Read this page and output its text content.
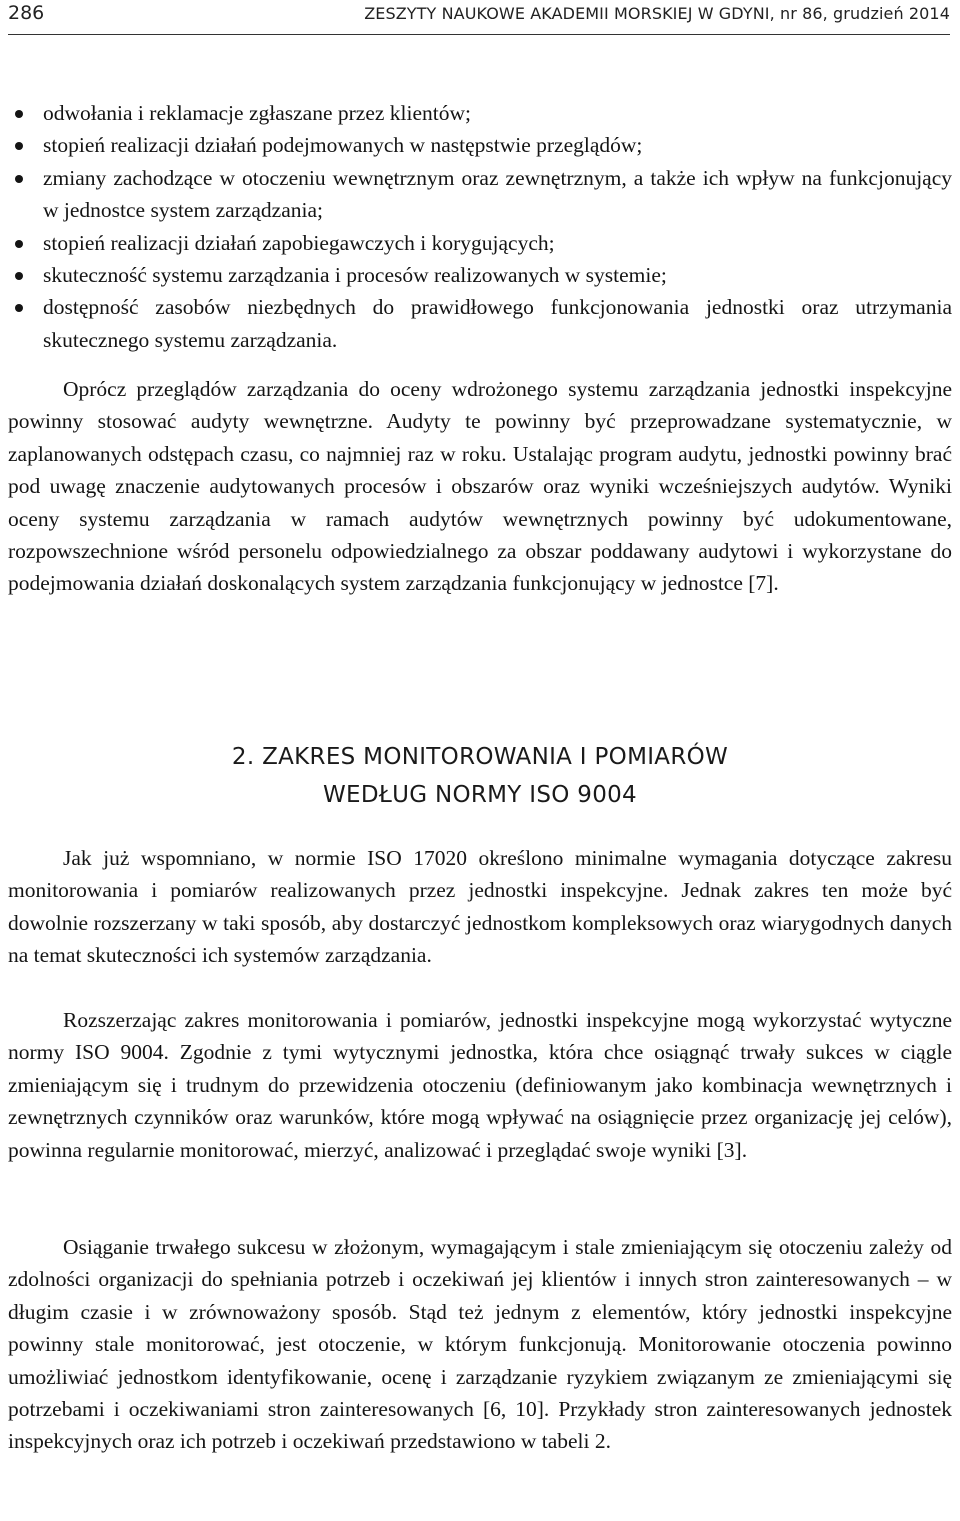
286	ZESZYTY NAUKOWE AKADEMII MORSKIEJ W GDYNI, nr 86, grudzień 2014
odwołania i reklamacje zgłaszane przez klientów;
stopień realizacji działań podejmowanych w następstwie przeglądów;
zmiany zachodzące w otoczeniu wewnętrznym oraz zewnętrznym, a także ich wpływ na funkcjonujący w jednostce system zarządzania;
stopień realizacji działań zapobiegawczych i korygujących;
skuteczność systemu zarządzania i procesów realizowanych w systemie;
dostępność zasobów niezbędnych do prawidłowego funkcjonowania jednostki oraz utrzymania skutecznego systemu zarządzania.

Oprócz przeglądów zarządzania do oceny wdrożonego systemu zarządzania jednostki inspekcyjne powinny stosować audyty wewnętrzne. Audyty te powinny być przeprowadzane systematycznie, w zaplanowanych odstępach czasu, co najmniej raz w roku. Ustalając program audytu, jednostki powinny brać pod uwagę znaczenie audytowanych procesów i obszarów oraz wyniki wcześniejszych audytów. Wyniki oceny systemu zarządzania w ramach audytów wewnętrznych powinny być udokumentowane, rozpowszechnione wśród personelu odpowiedzialnego za obszar poddawany audytowi i wykorzystane do podejmowania działań doskonalących system zarządzania funkcjonujący w jednostce [7].

2. ZAKRES MONITOROWANIA I POMIARÓW
WEDŁUG NORMY ISO 9004

Jak już wspomniano, w normie ISO 17020 określono minimalne wymagania dotyczące zakresu monitorowania i pomiarów realizowanych przez jednostki inspekcyjne. Jednak zakres ten może być dowolnie rozszerzany w taki sposób, aby dostarczyć jednostkom kompleksowych oraz wiarygodnych danych na temat skuteczności ich systemów zarządzania.

Rozszerzając zakres monitorowania i pomiarów, jednostki inspekcyjne mogą wykorzystać wytyczne normy ISO 9004. Zgodnie z tymi wytycznymi jednostka, która chce osiągnąć trwały sukces w ciągle zmieniającym się i trudnym do przewidzenia otoczeniu (definiowanym jako kombinacja wewnętrznych i zewnętrznych czynników oraz warunków, które mogą wpływać na osiągnięcie przez organizację jej celów), powinna regularnie monitorować, mierzyć, analizować i przeglądać swoje wyniki [3].

Osiąganie trwałego sukcesu w złożonym, wymagającym i stale zmieniającym się otoczeniu zależy od zdolności organizacji do spełniania potrzeb i oczekiwań jej klientów i innych stron zainteresowanych – w długim czasie i w zrównoważony sposób. Stąd też jednym z elementów, który jednostki inspekcyjne powinny stale monitorować, jest otoczenie, w którym funkcjonują. Monitorowanie otoczenia powinno umożliwiać jednostkom identyfikowanie, ocenę i zarządzanie ryzykiem związanym ze zmieniającymi się potrzebami i oczekiwaniami stron zainteresowanych [6, 10]. Przykłady stron zainteresowanych jednostek inspekcyjnych oraz ich potrzeb i oczekiwań przedstawiono w tabeli 2.
